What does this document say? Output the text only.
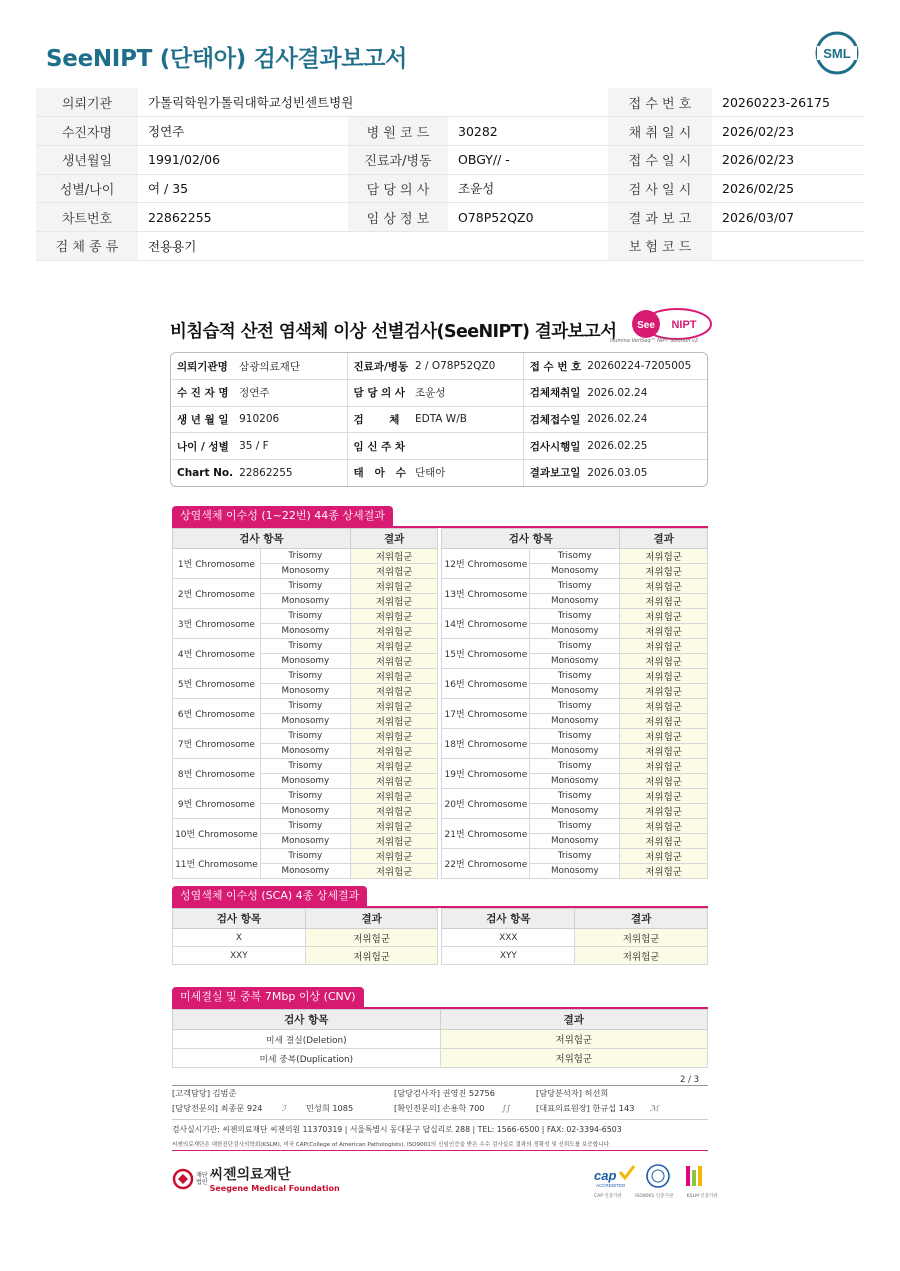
SeeNIPT (단태아) 검사결과보고서	SML
의뢰기관	가톨릭학원가톨릭대학교성빈센트병원			접 수 번 호	20260223-26175
수진자명	정연주	병 원 코 드	30282	채 취 일 시	2026/02/23
생년월일	1991/02/06	진료과/병동	OBGY// -	접 수 일 시	2026/02/23
성별/나이	여 / 35	담 당 의 사	조윤성	검 사 일 시	2026/02/25
차트번호	22862255	임 상 정 보	O78P52QZ0	결 과 보 고	2026/03/07
검 체 종 류	전용용기			보 험 코 드	
비침습적 산전 염색체 이상 선별검사(SeeNIPT) 결과보고서 See NIPT
Illumina VeriSeq™ NIPT Solution v2
의뢰기관명	삼광의료재단	진료과/병동	2 / O78P52QZ0	접 수 번 호	20260224-7205005
수 진 자 명	정연주	담 당 의 사	조윤성	검체채취일	2026.02.24
생 년 월 일	910206	검       체	EDTA W/B	검체접수일	2026.02.24
나이 / 성별	35 / F	임 신 주 차		검사시행일	2026.02.25
Chart No.	22862255	태   아   수	단태아	결과보고일	2026.03.05
상염색체 이수성 (1~22번) 44종 상세결과
검사 항목		결과		검사 항목		결과
1번 Chromosome	Trisomy	저위험군		12번 Chromosome	Trisomy	저위험군
	Monosomy	저위험군			Monosomy	저위험군
2번 Chromosome	Trisomy	저위험군		13번 Chromosome	Trisomy	저위험군
	Monosomy	저위험군			Monosomy	저위험군
3번 Chromosome	Trisomy	저위험군		14번 Chromosome	Trisomy	저위험군
	Monosomy	저위험군			Monosomy	저위험군
4번 Chromosome	Trisomy	저위험군		15번 Chromosome	Trisomy	저위험군
	Monosomy	저위험군			Monosomy	저위험군
5번 Chromosome	Trisomy	저위험군		16번 Chromosome	Trisomy	저위험군
	Monosomy	저위험군			Monosomy	저위험군
6번 Chromosome	Trisomy	저위험군		17번 Chromosome	Trisomy	저위험군
	Monosomy	저위험군			Monosomy	저위험군
7번 Chromosome	Trisomy	저위험군		18번 Chromosome	Trisomy	저위험군
	Monosomy	저위험군			Monosomy	저위험군
8번 Chromosome	Trisomy	저위험군		19번 Chromosome	Trisomy	저위험군
	Monosomy	저위험군			Monosomy	저위험군
9번 Chromosome	Trisomy	저위험군		20번 Chromosome	Trisomy	저위험군
	Monosomy	저위험군			Monosomy	저위험군
10번 Chromosome	Trisomy	저위험군		21번 Chromosome	Trisomy	저위험군
	Monosomy	저위험군			Monosomy	저위험군
11번 Chromosome	Trisomy	저위험군		22번 Chromosome	Trisomy	저위험군
	Monosomy	저위험군			Monosomy	저위험군
성염색체 이수성 (SCA) 4종 상세결과
검사 항목	결과		검사 항목	결과
X	저위험군		XXX	저위험군
XXY	저위험군		XYY	저위험군
미세결실 및 중복 7Mbp 이상 (CNV)
검사 항목	결과
미세 결실(Deletion)	저위험군
미세 중복(Duplication)	저위험군
2 / 3
[고객담당] 김범준	[담당검사자] 권영진 52756	[담당분석자] 허선희
[담당전문의] 최종문 924 ℐ 민성희 1085	[확인전문의] 손용학 700 ∫∫	[대표의료원장] 한규섭 143 ℳ
검사실시기관: 씨젠의료재단 씨젠의원 11370319 | 서울특별시 동대문구 답십리로 288 | TEL: 1566-6500 | FAX: 02-3394-6503
씨젠의료재단은 대한진단검사의학회(KSLM), 미국 CAP(College of American Pathologists), ISO9001의 신임인증을 받은 우수 검사실로 결과의 정확성 및 신뢰도를 보증합니다.
재단
법인 씨젠의료재단
Seegene Medical Foundation
cap
ACCREDITED
CAP 인증기관	ISO9001 인증기관	KSLM 인증기관
